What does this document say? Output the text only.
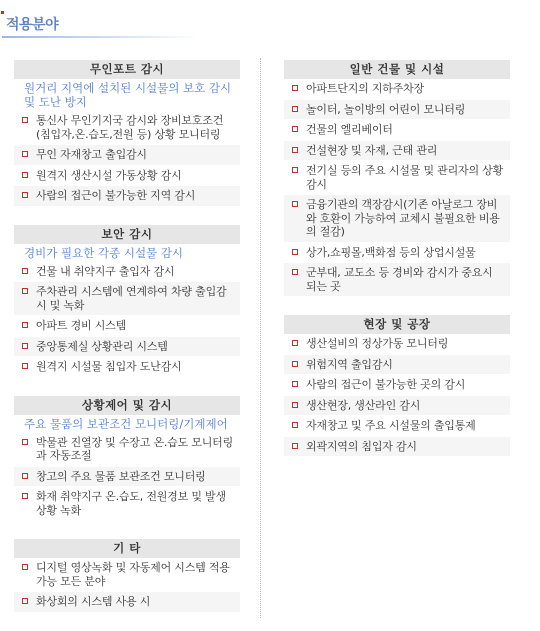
적용분야
무인포트 감시
원거리 지역에 설치된 시설물의 보호 감시 및 도난 방지
통신사 무인기지국 감시와 장비보호조건(침입자,온.습도,전원 등) 상황 모니터링
무인 자재창고 출입감시
원격지 생산시설 가동상황 감시
사람의 접근이 불가능한 지역 감시
보안 감시
경비가 필요한 각종 시설물 감시
건물 내 취약지구 출입자 감시
주차관리 시스템에 연계하여 차량 출입감시 및 녹화
아파트 경비 시스템
중앙통제실 상황관리 시스템
원격지 시설물 침입자 도난감시
상황제어 및 감시
주요 물품의 보관조건 모니터링/기계제어
박물관 진열장 및 수장고 온.습도 모니터링과 자동조절
창고의 주요 물품 보관조건 모니터링
화재 취약지구 온.습도, 전원경보 및 발생상황 녹화
기 타
디지털 영상녹화 및 자동제어 시스템 적용 가능 모든 분야
화상회의 시스템 사용 시
일반 건물 및 시설
아파트단지의 지하주차장
놀이터, 놀이방의 어린이 모니터링
건물의 엘리베이터
건설현장 및 자재, 근태 관리
전기실 등의 주요 시설물 및 관리자의 상황감시
금융기관의 객장감시(기존 아날로그 장비와 호환이 가능하여 교체시 불필요한 비용의 절감)
상가,쇼핑몰,백화점 등의 상업시설물
군부대, 교도소 등 경비와 감시가 중요시 되는 곳
현장 및 공장
생산설비의 정상가동 모니터링
위험지역 출입감시
사람의 접근이 불가능한 곳의 감시
생산현장, 생산라인 감시
자재창고 및 주요 시설물의 출입통제
외곽지역의 침입자 감시
